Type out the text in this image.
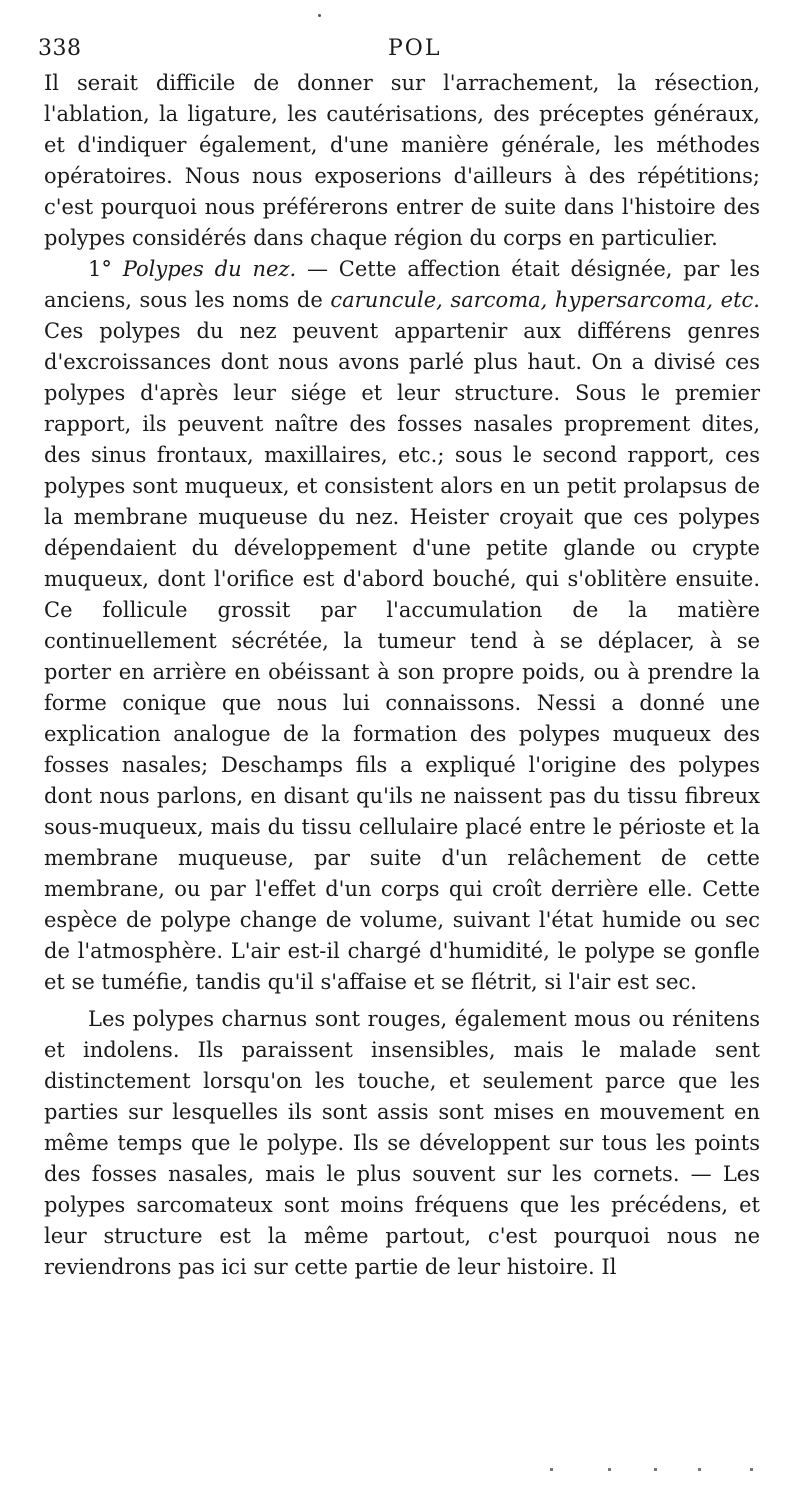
338	POL

Il serait difficile de donner sur l'arrachement, la résection, l'ablation, la ligature, les cautérisations, des préceptes généraux, et d'indiquer également, d'une manière générale, les méthodes opératoires. Nous nous exposerions d'ailleurs à des répétitions; c'est pourquoi nous préférerons entrer de suite dans l'histoire des polypes considérés dans chaque région du corps en particulier.

1° Polypes du nez. — Cette affection était désignée, par les anciens, sous les noms de caruncule, sarcoma, hypersarcoma, etc. Ces polypes du nez peuvent appartenir aux différens genres d'excroissances dont nous avons parlé plus haut. On a divisé ces polypes d'après leur siége et leur structure. Sous le premier rapport, ils peuvent naître des fosses nasales proprement dites, des sinus frontaux, maxillaires, etc.; sous le second rapport, ces polypes sont muqueux, et consistent alors en un petit prolapsus de la membrane muqueuse du nez. Heister croyait que ces polypes dépendaient du développement d'une petite glande ou crypte muqueux, dont l'orifice est d'abord bouché, qui s'oblitère ensuite. Ce follicule grossit par l'accumulation de la matière continuellement sécrétée, la tumeur tend à se déplacer, à se porter en arrière en obéissant à son propre poids, ou à prendre la forme conique que nous lui connaissons. Nessi a donné une explication analogue de la formation des polypes muqueux des fosses nasales; Deschamps fils a expliqué l'origine des polypes dont nous parlons, en disant qu'ils ne naissent pas du tissu fibreux sous-muqueux, mais du tissu cellulaire placé entre le périoste et la membrane muqueuse, par suite d'un relâchement de cette membrane, ou par l'effet d'un corps qui croît derrière elle. Cette espèce de polype change de volume, suivant l'état humide ou sec de l'atmosphère. L'air est-il chargé d'humidité, le polype se gonfle et se tuméfie, tandis qu'il s'affaise et se flétrit, si l'air est sec.

Les polypes charnus sont rouges, également mous ou rénitens et indolens. Ils paraissent insensibles, mais le malade sent distinctement lorsqu'on les touche, et seulement parce que les parties sur lesquelles ils sont assis sont mises en mouvement en même temps que le polype. Ils se développent sur tous les points des fosses nasales, mais le plus souvent sur les cornets. — Les polypes sarcomateux sont moins fréquens que les précédens, et leur structure est la même partout, c'est pourquoi nous ne reviendrons pas ici sur cette partie de leur histoire. Il
